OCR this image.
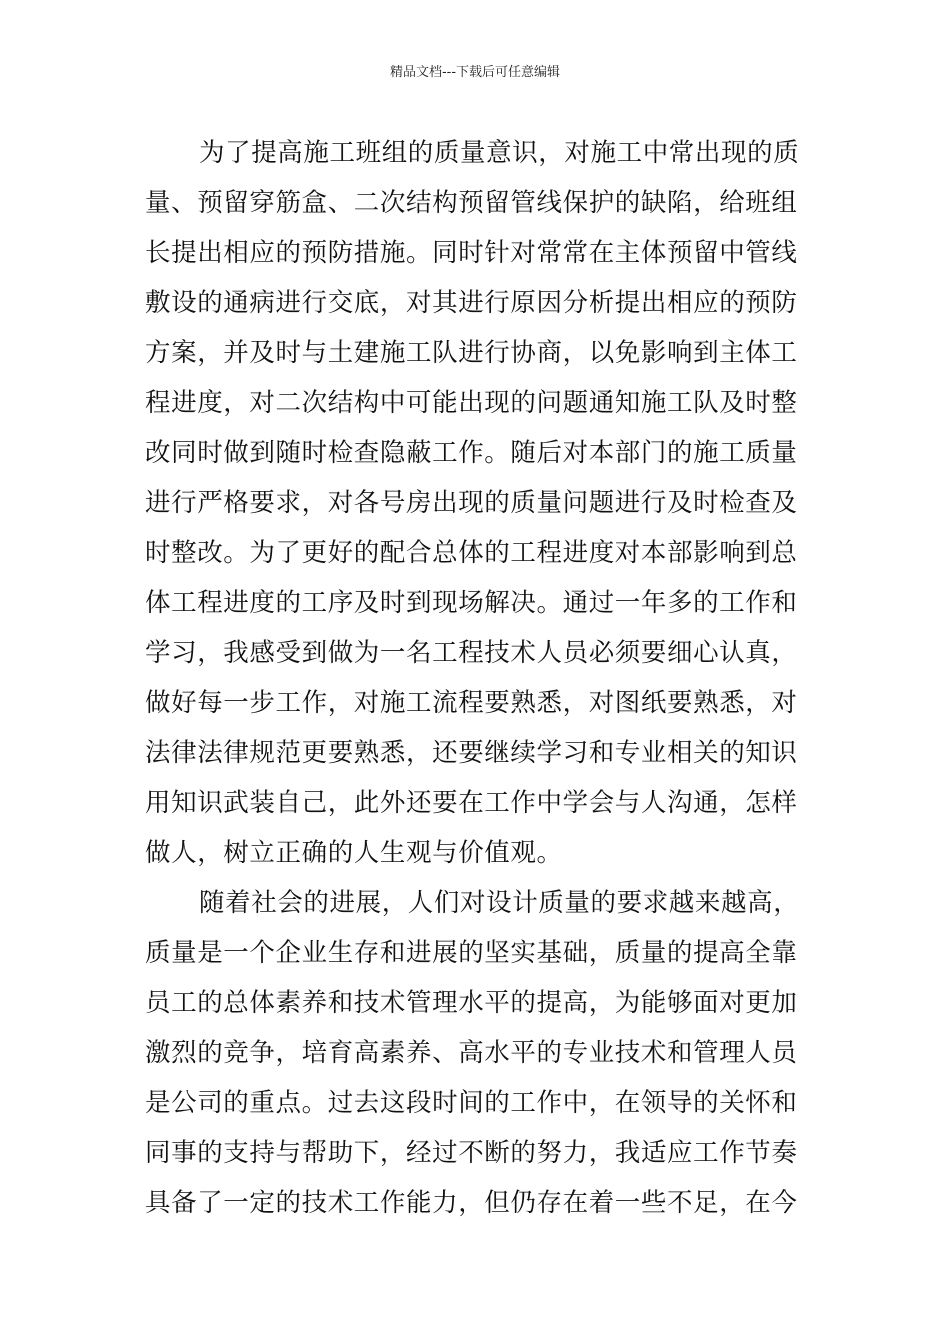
精品文档---下载后可任意编辑
为了提高施工班组的质量意识，对施工中常出现的质
量、预留穿筋盒、二次结构预留管线保护的缺陷，给班组
长提出相应的预防措施。同时针对常常在主体预留中管线
敷设的通病进行交底，对其进行原因分析提出相应的预防
方案，并及时与土建施工队进行协商，以免影响到主体工
程进度，对二次结构中可能出现的问题通知施工队及时整
改同时做到随时检查隐蔽工作。随后对本部门的施工质量
进行严格要求，对各号房出现的质量问题进行及时检查及
时整改。为了更好的配合总体的工程进度对本部影响到总
体工程进度的工序及时到现场解决。通过一年多的工作和
学习，我感受到做为一名工程技术人员必须要细心认真，
做好每一步工作，对施工流程要熟悉，对图纸要熟悉，对
法律法律规范更要熟悉，还要继续学习和专业相关的知识
用知识武装自己，此外还要在工作中学会与人沟通，怎样
做人，树立正确的人生观与价值观。
随着社会的进展，人们对设计质量的要求越来越高，
质量是一个企业生存和进展的坚实基础，质量的提高全靠
员工的总体素养和技术管理水平的提高，为能够面对更加
激烈的竞争，培育高素养、高水平的专业技术和管理人员
是公司的重点。过去这段时间的工作中，在领导的关怀和
同事的支持与帮助下，经过不断的努力，我适应工作节奏
具备了一定的技术工作能力，但仍存在着一些不足，在今
